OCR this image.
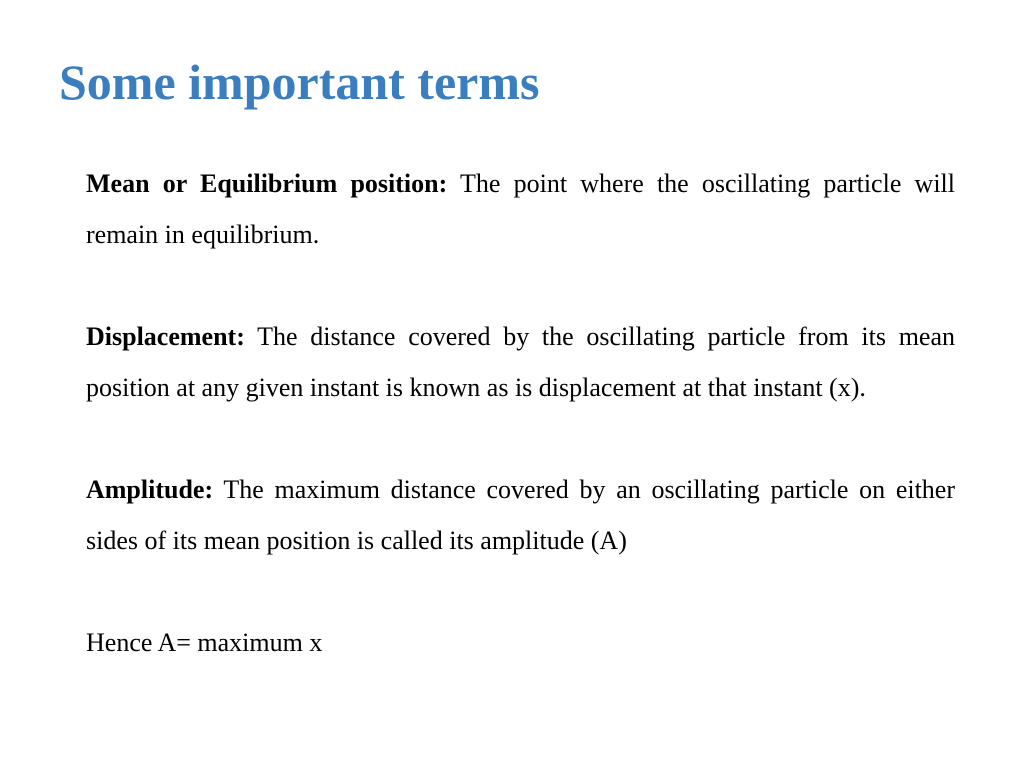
Some important terms

Mean or Equilibrium position: The point where the oscillating particle will remain in equilibrium.

Displacement: The distance covered by the oscillating particle from its mean position at any given instant is known as is displacement at that instant (x).

Amplitude: The maximum distance covered by an oscillating particle on either sides of its mean position is called its amplitude (A)

Hence A= maximum x
